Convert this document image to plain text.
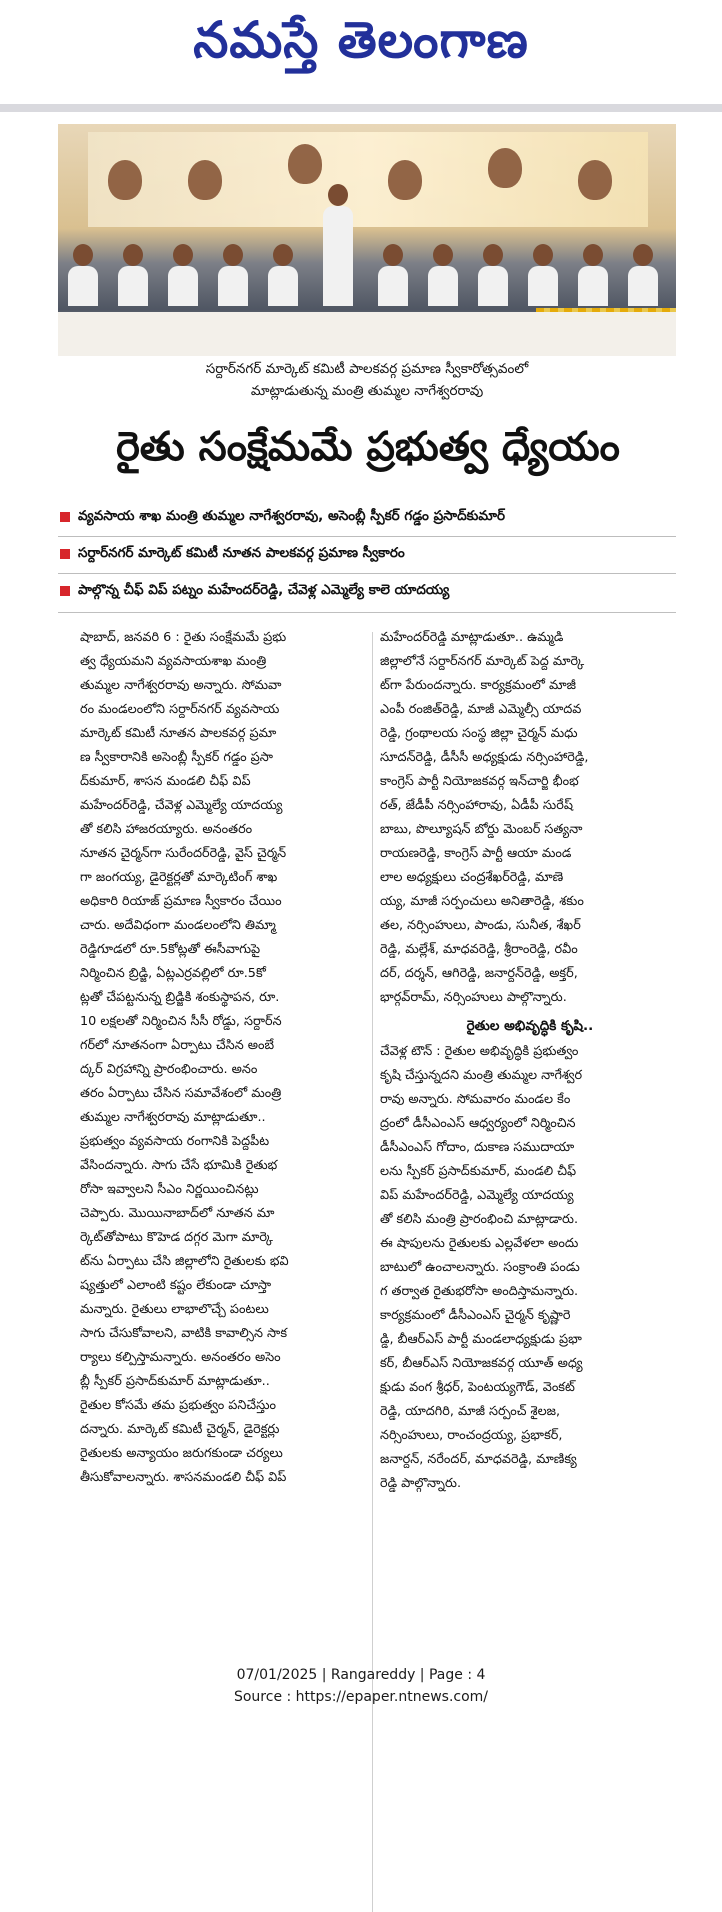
నమస్తే తెలంగాణ
సర్దార్‌నగర్ మార్కెట్ కమిటీ పాలకవర్గ ప్రమాణ స్వీకారోత్సవంలో
మాట్లాడుతున్న మంత్రి తుమ్మల నాగేశ్వరరావు
రైతు సంక్షేమమే ప్రభుత్వ ధ్యేయం
వ్యవసాయ శాఖ మంత్రి తుమ్మల నాగేశ్వరరావు, అసెంబ్లీ స్పీకర్ గడ్డం ప్రసాద్‌కుమార్
సర్దార్‌నగర్ మార్కెట్ కమిటీ నూతన పాలకవర్గ ప్రమాణ స్వీకారం
పాల్గొన్న చీఫ్ విప్ పట్నం మహేందర్‌రెడ్డి, చేవెళ్ల ఎమ్మెల్యే కాలె యాదయ్య
షాబాద్, జనవరి 6 : రైతు సంక్షేమమే ప్రభు
త్వ ధ్యేయమని వ్యవసాయశాఖ మంత్రి
తుమ్మల నాగేశ్వరరావు అన్నారు. సోమవా
రం మండలంలోని సర్దార్‌నగర్ వ్యవసాయ
మార్కెట్ కమిటీ నూతన పాలకవర్గ ప్రమా
ణ స్వీకారానికి అసెంబ్లీ స్పీకర్ గడ్డం ప్రసా
ద్‌కుమార్, శాసన మండలి చీఫ్ విప్
మహేందర్‌రెడ్డి, చేవెళ్ల ఎమ్మెల్యే యాదయ్య
తో కలిసి హాజరయ్యారు. అనంతరం
నూతన చైర్మన్‌గా సురేందర్‌రెడ్డి, వైస్ చైర్మన్
గా జంగయ్య, డైరెక్టర్లతో మార్కెటింగ్ శాఖ
అధికారి రియాజ్ ప్రమాణ స్వీకారం చేయిం
చారు. అదేవిధంగా మండలంలోని తిమ్మా
రెడ్డిగూడలో రూ.5కోట్లతో ఈసీవాగుపై
నిర్మించిన బ్రిడ్జి, ఏట్లఎర్రవల్లిలో రూ.5కో
ట్లతో చేపట్టనున్న బ్రిడ్జికి శంకుస్థాపన, రూ.
10 లక్షలతో నిర్మించిన సీసీ రోడ్డు, సర్దార్‌న
గర్‌లో నూతనంగా ఏర్పాటు చేసిన అంబే
ద్కర్ విగ్రహాన్ని ప్రారంభించారు. అనం
తరం ఏర్పాటు చేసిన సమావేశంలో మంత్రి
తుమ్మల నాగేశ్వరరావు మాట్లాడుతూ..
ప్రభుత్వం వ్యవసాయ రంగానికి పెద్దపీట
వేసిందన్నారు. సాగు చేసే భూమికి రైతుభ
రోసా ఇవ్వాలని సీఎం నిర్ణయించినట్లు
చెప్పారు. మొయినాబాద్‌లో నూతన మా
ర్కెట్‌తోపాటు కొహెడ దగ్గర మెగా మార్కె
ట్‌ను ఏర్పాటు చేసి జిల్లాలోని రైతులకు భవి
ష్యత్తులో ఎలాంటి కష్టం లేకుండా చూస్తా
మన్నారు. రైతులు లాభాలొచ్చే పంటలు
సాగు చేసుకోవాలని, వాటికి కావాల్సిన సాక
ర్యాలు కల్పిస్తామన్నారు. అనంతరం అసెం
బ్లీ స్పీకర్ ప్రసాద్‌కుమార్ మాట్లాడుతూ..
రైతుల కోసమే తమ ప్రభుత్వం పనిచేస్తుం
దన్నారు. మార్కెట్ కమిటీ చైర్మన్, డైరెక్టర్లు
రైతులకు అన్యాయం జరుగకుండా చర్యలు
తీసుకోవాలన్నారు. శాసనమండలి చీఫ్ విప్
మహేందర్‌రెడ్డి మాట్లాడుతూ.. ఉమ్మడి
జిల్లాలోనే సర్దార్‌నగర్ మార్కెట్ పెద్ద మార్కె
ట్‌గా పేరుందన్నారు. కార్యక్రమంలో మాజీ
ఎంపీ రంజిత్‌రెడ్డి, మాజీ ఎమ్మెల్సీ యాదవ
రెడ్డి, గ్రంథాలయ సంస్థ జిల్లా చైర్మన్ మధు
సూదన్‌రెడ్డి, డీసీసీ అధ్యక్షుడు నర్సింహారెడ్డి,
కాంగ్రెస్ పార్టీ నియోజకవర్గ ఇన్‌చార్జి భీంభ
రత్, జేడీపీ నర్సింహారావు, ఏడీపీ సురేష్
బాబు, పొల్యూషన్ బోర్డు మెంబర్ సత్యనా
రాయణరెడ్డి, కాంగ్రెస్ పార్టీ ఆయా మండ
లాల అధ్యక్షులు చంద్రశేఖర్‌రెడ్డి, మాణె
య్య, మాజీ సర్పంచులు అనితారెడ్డి, శకుం
తల, నర్సింహులు, పాండు, సునీత, శేఖర్
రెడ్డి, మల్లేశ్, మాధవరెడ్డి, శ్రీరాంరెడ్డి, రవీం
దర్, దర్శన్, ఆగిరెడ్డి, జనార్దన్‌రెడ్డి, అక్తర్,
భార్గవ్‌రామ్, నర్సింహులు పాల్గొన్నారు.
రైతుల అభివృద్ధికి కృషి..
చేవెళ్ల టౌన్ : రైతుల అభివృద్ధికి ప్రభుత్వం
కృషి చేస్తున్నదని మంత్రి తుమ్మల నాగేశ్వర
రావు అన్నారు. సోమవారం మండల కేం
ద్రంలో డీసీఎంఎస్ ఆధ్వర్యంలో నిర్మించిన
డీసీఎంఎస్ గోదాం, దుకాణ సముదాయా
లను స్పీకర్ ప్రసాద్‌కుమార్, మండలి చీఫ్
విప్ మహేందర్‌రెడ్డి, ఎమ్మెల్యే యాదయ్య
తో కలిసి మంత్రి ప్రారంభించి మాట్లాడారు.
ఈ షాపులను రైతులకు ఎల్లవేళలా అందు
బాటులో ఉంచాలన్నారు. సంక్రాంతి పండు
గ తర్వాత రైతుభరోసా అందిస్తామన్నారు.
కార్యక్రమంలో డీసీఎంఎస్ చైర్మన్ కృష్ణారె
డ్డి, బీఆర్‌ఎస్ పార్టీ మండలాధ్యక్షుడు ప్రభా
కర్, బీఆర్‌ఎస్ నియోజకవర్గ యూత్ అధ్య
క్షుడు వంగ శ్రీధర్, పెంటయ్యగౌడ్, వెంకట్
రెడ్డి, యాదగిరి, మాజీ సర్పంచ్ శైలజ,
నర్సింహులు, రాంచంద్రయ్య, ప్రభాకర్,
జనార్దన్, నరేందర్, మాధవరెడ్డి, మాణిక్య
రెడ్డి పాల్గొన్నారు.
07/01/2025 | Rangareddy | Page : 4
Source : https://epaper.ntnews.com/
